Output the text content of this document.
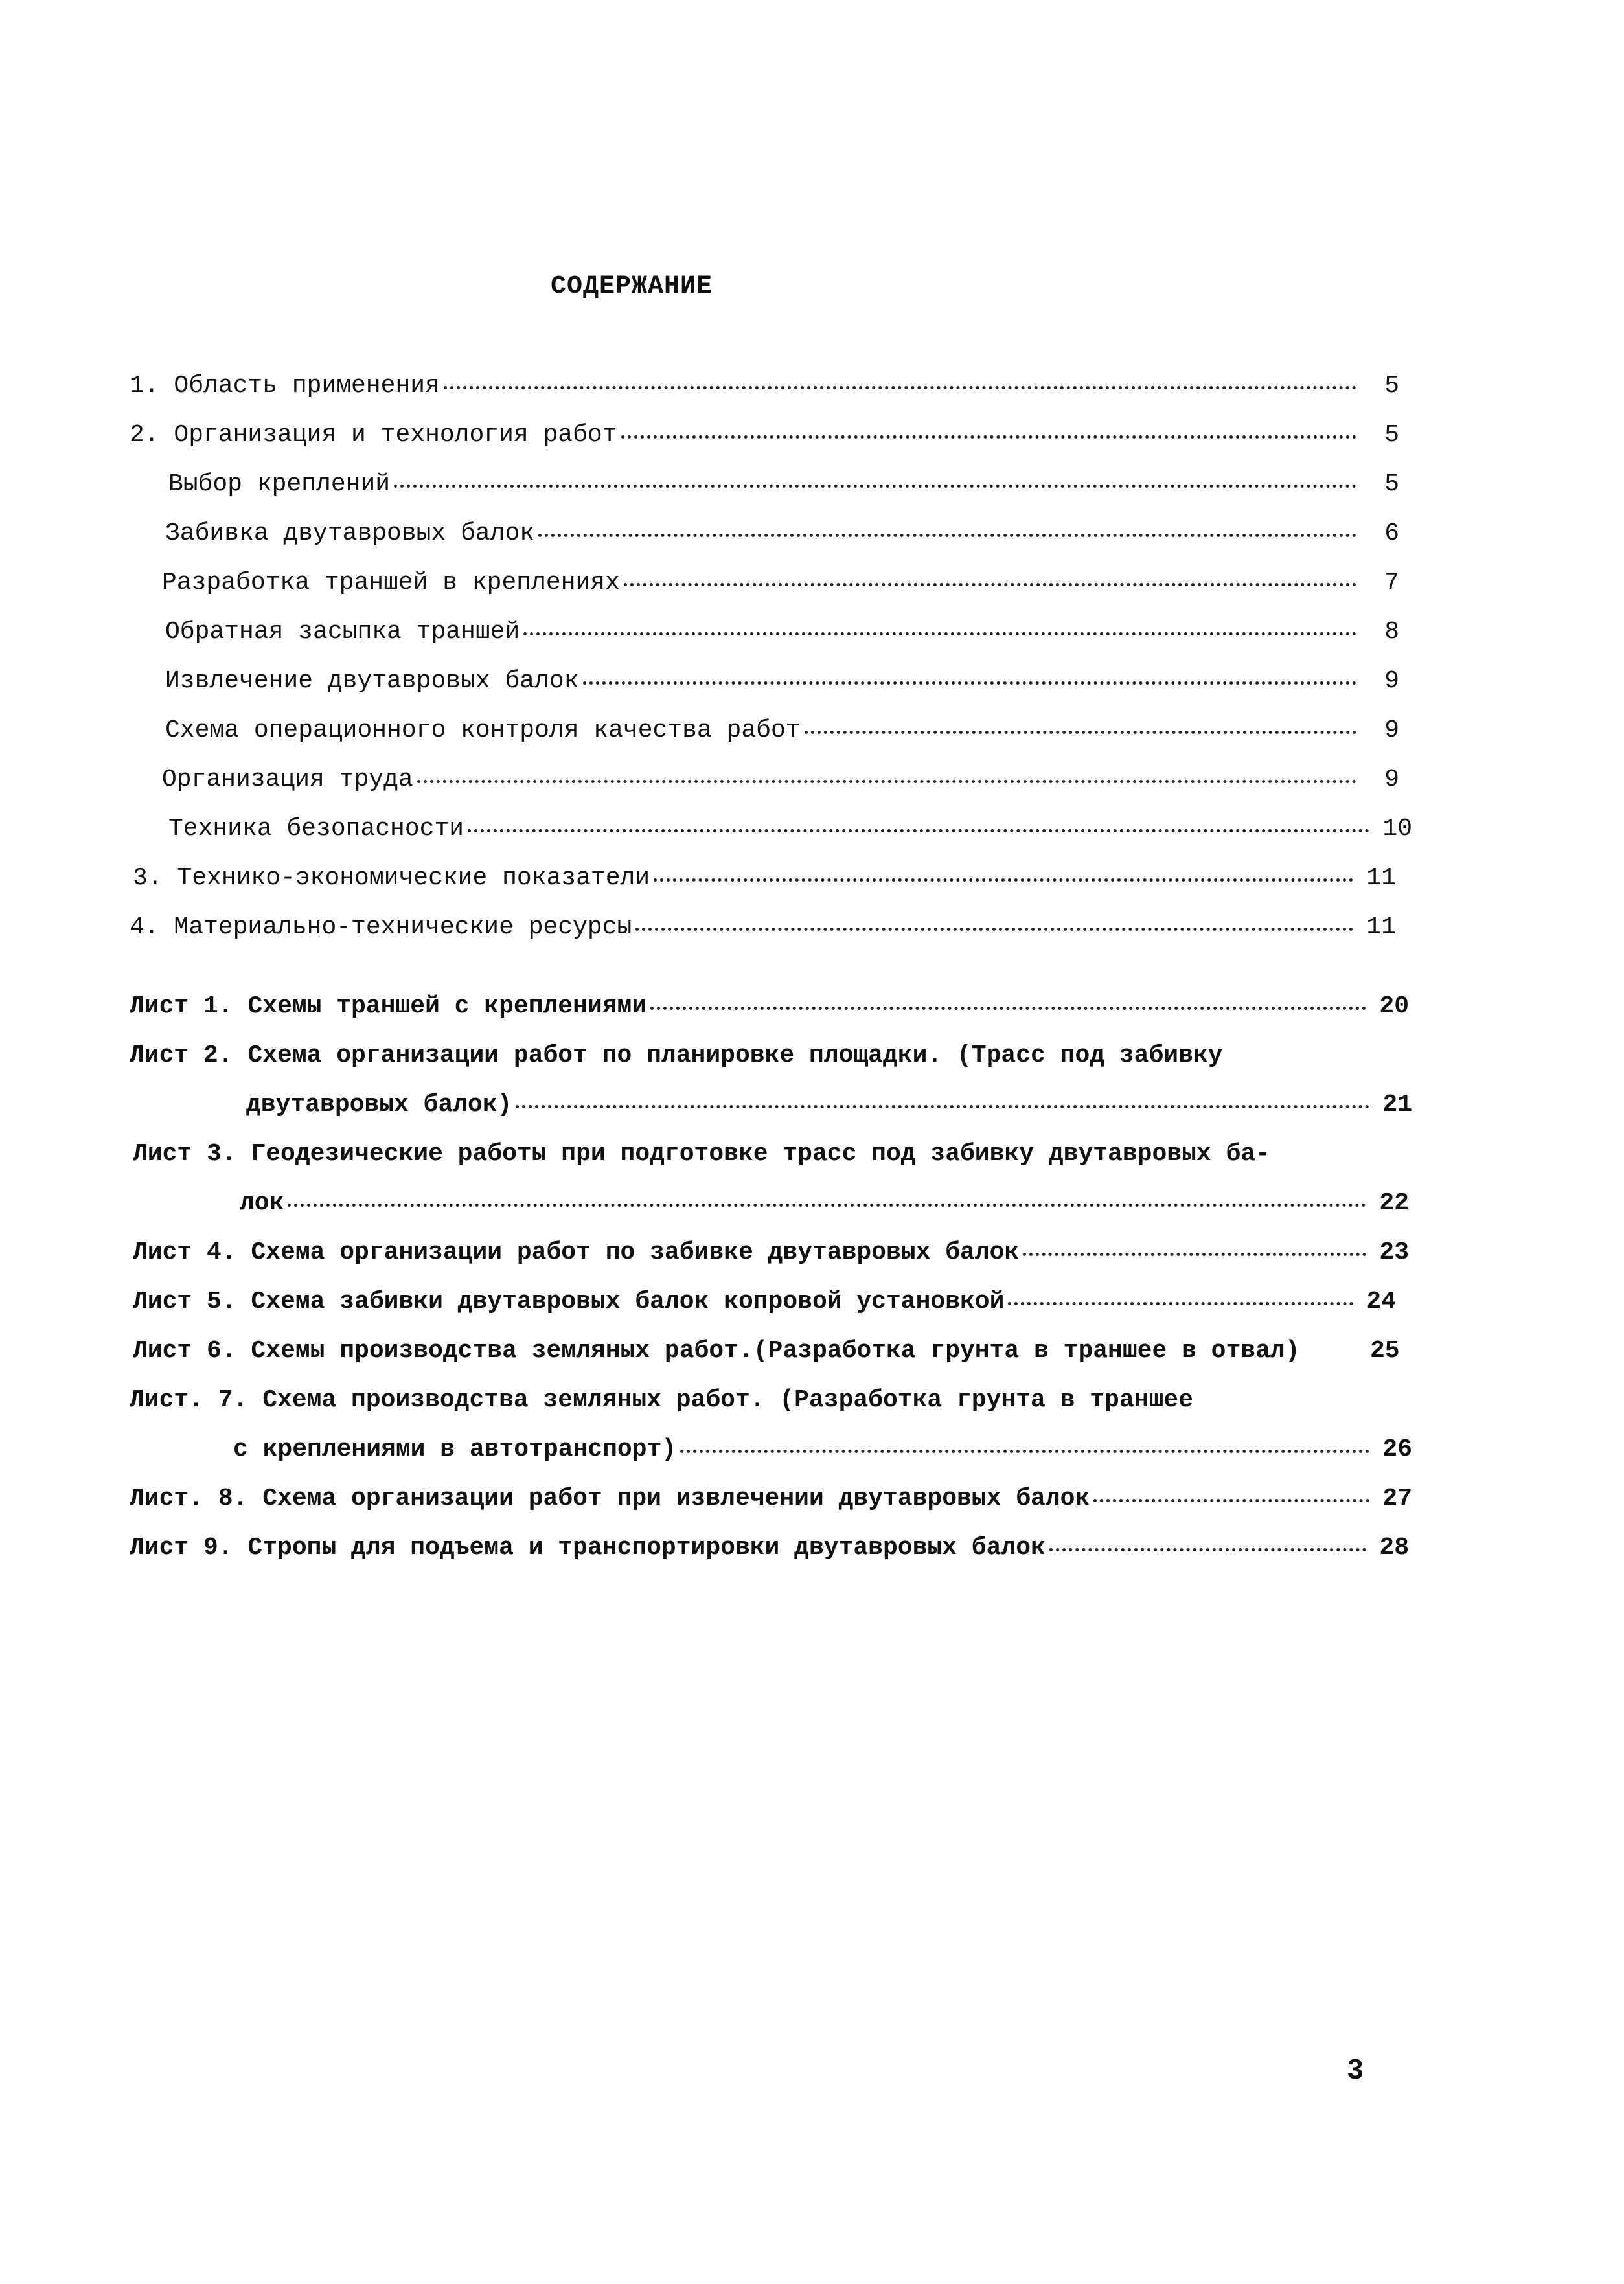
СОДЕРЖАНИЕ
1. Область применения	5
2. Организация и технология работ	5
Выбор креплений	5
Забивка двутавровых балок	6
Разработка траншей в креплениях	7
Обратная засыпка траншей	8
Извлечение двутавровых балок	9
Схема операционного контроля качества работ	9
Организация труда	9
Техника безопасности	10
3. Технико-экономические показатели	11
4. Материально-технические ресурсы	11
Лист 1. Схемы траншей с креплениями	20
Лист 2. Схема организации работ по планировке площадки. (Трасс под забивку
двутавровых балок)	21
Лист 3. Геодезические работы при подготовке трасс под забивку двутавровых ба-
лок	22
Лист 4. Схема организации работ по забивке двутавровых балок	23
Лист 5. Схема забивки двутавровых балок копровой установкой	24
Лист 6. Схемы производства земляных работ.(Разработка грунта в траншее в отвал)	25
Лист. 7. Схема производства земляных работ. (Разработка грунта в траншее
с креплениями в автотранспорт)	26
Лист. 8. Схема организации работ при извлечении двутавровых балок	27
Лист 9. Стропы для подъема и транспортировки двутавровых балок	28
3
